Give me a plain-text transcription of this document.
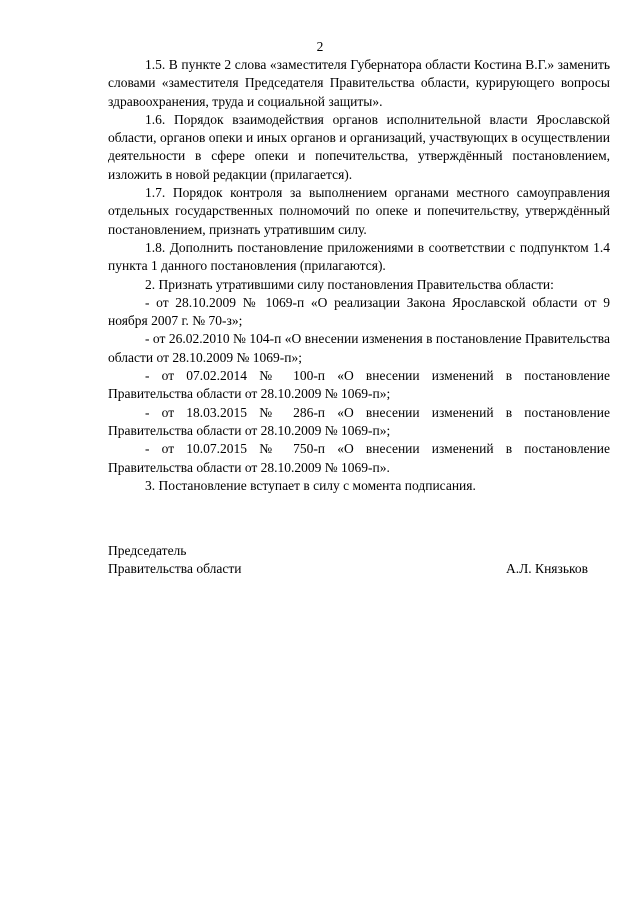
2

1.5. В пункте 2 слова «заместителя Губернатора области Костина В.Г.» заменить словами «заместителя Председателя Правительства области, курирующего вопросы здравоохранения, труда и социальной защиты».

1.6. Порядок взаимодействия органов исполнительной власти Ярославской области, органов опеки и иных органов и организаций, участвующих в осуществлении деятельности в сфере опеки и попечительства, утверждённый постановлением, изложить в новой редакции (прилагается).

1.7. Порядок контроля за выполнением органами местного самоуправления отдельных государственных полномочий по опеке и попечительству, утверждённый постановлением, признать утратившим силу.

1.8. Дополнить постановление приложениями в соответствии с подпунктом 1.4 пункта 1 данного постановления (прилагаются).

2. Признать утратившими силу постановления Правительства области:

- от 28.10.2009 № 1069-п «О реализации Закона Ярославской области от 9 ноября 2007 г. № 70-з»;

- от 26.02.2010 № 104-п «О внесении изменения в постановление Правительства области от 28.10.2009 № 1069-п»;

- от 07.02.2014 № 100-п «О внесении изменений в постановление Правительства области от 28.10.2009 № 1069-п»;

- от 18.03.2015 № 286-п «О внесении изменений в постановление Правительства области от 28.10.2009 № 1069-п»;

- от 10.07.2015 № 750-п «О внесении изменений в постановление Правительства области от 28.10.2009 № 1069-п».

3. Постановление вступает в силу с момента подписания.

Председатель
Правительства области	А.Л. Князьков
